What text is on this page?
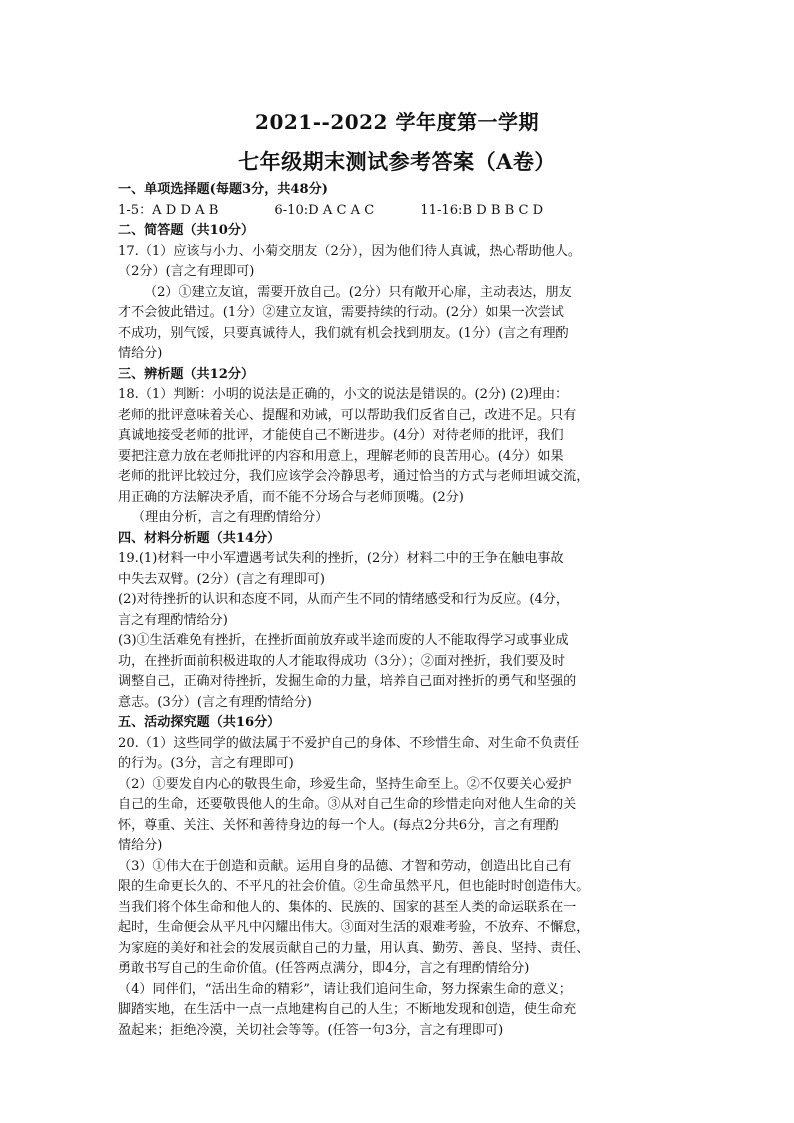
2021--2022 学年度第一学期
七年级期末测试参考答案（A卷）
一、单项选择题(每题3分，共48分)
1-5：A D D A B	6-10:D A C A C	11-16:B D B B C D
二、简答题（共10分）
17.（1）应该与小力、小菊交朋友（2分），因为他们待人真诚，热心帮助他人。
（2分）(言之有理即可)
（2）①建立友谊，需要开放自己。(2分）只有敞开心扉，主动表达，朋友
才不会彼此错过。(1分）②建立友谊，需要持续的行动。(2分）如果一次尝试
不成功，别气馁，只要真诚待人，我们就有机会找到朋友。(1分）(言之有理酌
情给分)
三、辨析题（共12分）
18.（1）判断：小明的说法是正确的，小文的说法是错误的。(2分) (2)理由：
老师的批评意味着关心、提醒和劝诫，可以帮助我们反省自己，改进不足。只有
真诚地接受老师的批评，才能使自己不断进步。(4分）对待老师的批评，我们
要把注意力放在老师批评的内容和用意上，理解老师的良苦用心。(4分）如果
老师的批评比较过分，我们应该学会冷静思考，通过恰当的方式与老师坦诚交流，
用正确的方法解决矛盾，而不能不分场合与老师顶嘴。(2分)
（理由分析，言之有理酌情给分）
四、材料分析题（共14分）
19.(1)材料一中小军遭遇考试失利的挫折，(2分）材料二中的王争在触电事故
中失去双臂。(2分）(言之有理即可)
(2)对待挫折的认识和态度不同，从而产生不同的情绪感受和行为反应。(4分，
言之有理酌情给分)
(3)①生活难免有挫折，在挫折面前放弃或半途而废的人不能取得学习或事业成
功，在挫折面前积极进取的人才能取得成功（3分）；②面对挫折，我们要及时
调整自己，正确对待挫折，发掘生命的力量，培养自己面对挫折的勇气和坚强的
意志。(3分）(言之有理酌情给分)
五、活动探究题（共16分）
20.（1）这些同学的做法属于不爱护自己的身体、不珍惜生命、对生命不负责任
的行为。(3分，言之有理即可)
（2）①要发自内心的敬畏生命，珍爱生命，坚持生命至上。②不仅要关心爱护
自己的生命，还要敬畏他人的生命。③从对自己生命的珍惜走向对他人生命的关
怀，尊重、关注、关怀和善待身边的每一个人。(每点2分共6分，言之有理酌
情给分)
（3）①伟大在于创造和贡献。运用自身的品德、才智和劳动，创造出比自己有
限的生命更长久的、不平凡的社会价值。②生命虽然平凡，但也能时时创造伟大。
当我们将个体生命和他人的、集体的、民族的、国家的甚至人类的命运联系在一
起时，生命便会从平凡中闪耀出伟大。③面对生活的艰难考验，不放弃、不懈怠，
为家庭的美好和社会的发展贡献自己的力量，用认真、勤劳、善良、坚持、责任、
勇敢书写自己的生命价值。(任答两点满分，即4分，言之有理酌情给分)
（4）同伴们，“活出生命的精彩”，请让我们追问生命，努力探索生命的意义；
脚踏实地，在生活中一点一点地建构自己的人生；不断地发现和创造，使生命充
盈起来；拒绝冷漠，关切社会等等。(任答一句3分，言之有理即可)
